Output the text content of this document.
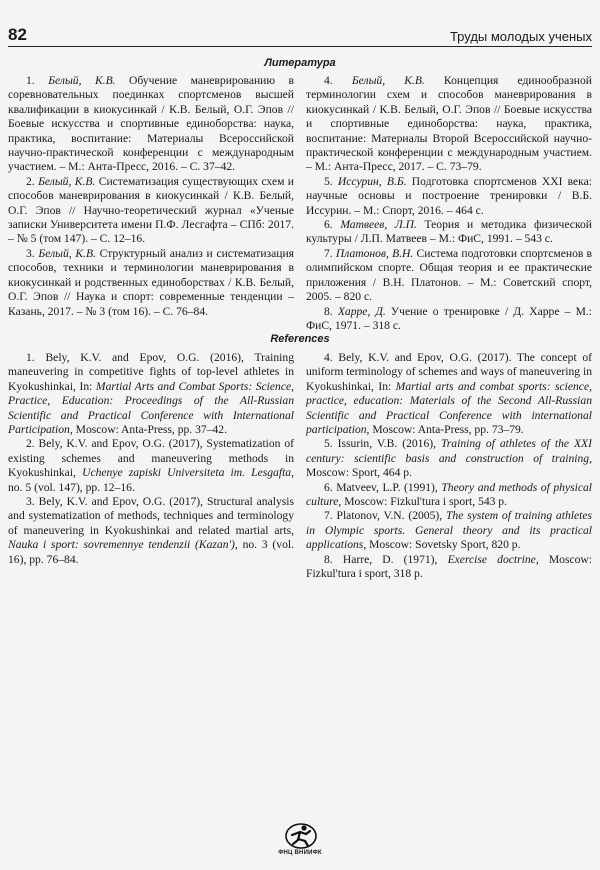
82	Труды молодых ученых
Литература

1. Белый, К.В. Обучение маневрированию в соревновательных поединках спортсменов высшей квалификации в киокусинкай / К.В. Белый, О.Г. Эпов // Боевые искусства и спортивные единоборства: наука, практика, воспитание: Материалы Всероссийской научно-практической конференции с международным участием. – М.: Анта-Пресс, 2016. – С. 37–42.

2. Белый, К.В. Систематизация существующих схем и способов маневрирования в киокусинкай / К.В. Белый, О.Г. Эпов // Научно-теоретический журнал «Ученые записки Университета имени П.Ф. Лесгафта – СПб: 2017. – № 5 (том 147). – С. 12–16.

3. Белый, К.В. Структурный анализ и систематизация способов, техники и терминологии маневрирования в киокусинкай и родственных единоборствах / К.В. Белый, О.Г. Эпов // Наука и спорт: современные тенденции – Казань, 2017. – № 3 (том 16). – С. 76–84.

4. Белый, К.В. Концепция единообразной терминологии схем и способов маневрирования в киокусинкай / К.В. Белый, О.Г. Эпов // Боевые искусства и спортивные единоборства: наука, практика, воспитание: Материалы Второй Всероссийской научно-практической конференции с международным участием. – М.: Анта-Пресс, 2017. – С. 73–79.

5. Иссурин, В.Б. Подготовка спортсменов XXI века: научные основы и построение тренировки / В.Б. Иссурин. – М.: Спорт, 2016. – 464 с.

6. Матвеев, Л.П. Теория и методика физической культуры / Л.П. Матвеев – М.: ФиС, 1991. – 543 с.

7. Платонов, В.Н. Система подготовки спортсменов в олимпийском спорте. Общая теория и ее практические приложения / В.Н. Платонов. – М.: Советский спорт, 2005. – 820 с.

8. Харре, Д. Учение о тренировке / Д. Харре – М.: ФиС, 1971. – 318 с.

References

1. Bely, K.V. and Epov, O.G. (2016), Training maneuvering in competitive fights of top-level athletes in Kyokushinkai, In: Martial Arts and Combat Sports: Science, Practice, Education: Proceedings of the All-Russian Scientific and Practical Conference with International Participation, Moscow: Anta-Press, pp. 37–42.

2. Bely, K.V. and Epov, O.G. (2017), Systematization of existing schemes and maneuvering methods in Kyokushinkai, Uchenye zapiski Universiteta im. Lesgafta, no. 5 (vol. 147), pp. 12–16.

3. Bely, K.V. and Epov, O.G. (2017), Structural analysis and systematization of methods, techniques and terminology of maneuvering in Kyokushinkai and related martial arts, Nauka i sport: sovremennye tendenzii (Kazan'), no. 3 (vol. 16), pp. 76–84.

4. Bely, K.V. and Epov, O.G. (2017). The concept of uniform terminology of schemes and ways of maneuvering in Kyokushinkai, In: Martial arts and combat sports: science, practice, education: Materials of the Second All-Russian Scientific and Practical Conference with international participation, Moscow: Anta-Press, pp. 73–79.

5. Issurin, V.B. (2016), Training of athletes of the XXI century: scientific basis and construction of training, Moscow: Sport, 464 p.

6. Matveev, L.P. (1991), Theory and methods of physical culture, Moscow: Fizkul'tura i sport, 543 p.

7. Platonov, V.N. (2005), The system of training athletes in Olympic sports. General theory and its practical applications, Moscow: Sovetsky Sport, 820 p.

8. Harre, D. (1971), Exercise doctrine, Moscow: Fizkul'tura i sport, 318 p.

ФНЦ ВНИИФК
